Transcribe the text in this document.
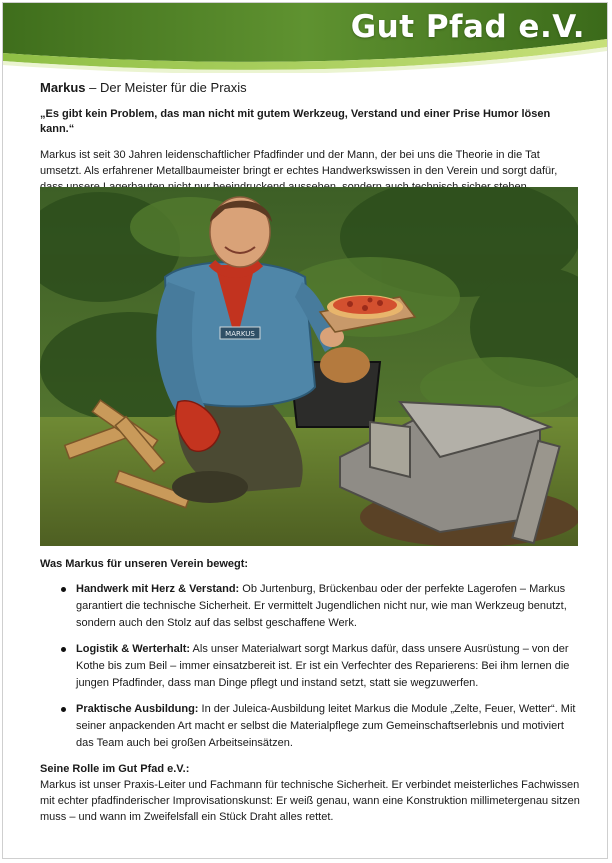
Gut Pfad e.V.
Markus – Der Meister für die Praxis

„Es gibt kein Problem, das man nicht mit gutem Werkzeug, Verstand und einer Prise Humor lösen kann.“

Markus ist seit 30 Jahren leidenschaftlicher Pfadfinder und der Mann, der bei uns die Theorie in die Tat umsetzt. Als erfahrener Metallbaumeister bringt er echtes Handwerkswissen in den Verein und sorgt dafür,

MARKUS

Was Markus für unseren Verein bewegt:

Handwerk mit Herz & Verstand: Ob Jurtenburg, Brückenbau oder der perfekte Lagerofen – Markus garantiert die technische Sicherheit. Er vermittelt Jugendlichen nicht nur, wie man Werkzeug benutzt, sondern auch den Stolz auf das selbst geschaffene Werk.
Logistik & Werterhalt: Als unser Materialwart sorgt Markus dafür, dass unsere Ausrüstung – von der Kothe bis zum Beil – immer einsatzbereit ist. Er ist ein Verfechter des Reparierens: Bei ihm lernen die jungen Pfadfinder, dass man Dinge pflegt und instand setzt, statt sie wegzuwerfen.
Praktische Ausbildung: In der Juleica-Ausbildung leitet Markus die Module „Zelte, Feuer, Wetter“. Mit seiner anpackenden Art macht er selbst die Materialpflege zum Gemeinschaftserlebnis und motiviert das Team auch bei großen Arbeitseinsätzen.

Seine Rolle im Gut Pfad e.V.:

Markus ist unser Praxis-Leiter und Fachmann für technische Sicherheit. Er verbindet meisterliches Fachwissen mit echter pfadfinderischer Improvisationskunst: Er weiß genau, wann eine Konstruktion millimetergenau sitzen muss – und wann im Zweifelsfall ein Stück Draht alles rettet.
